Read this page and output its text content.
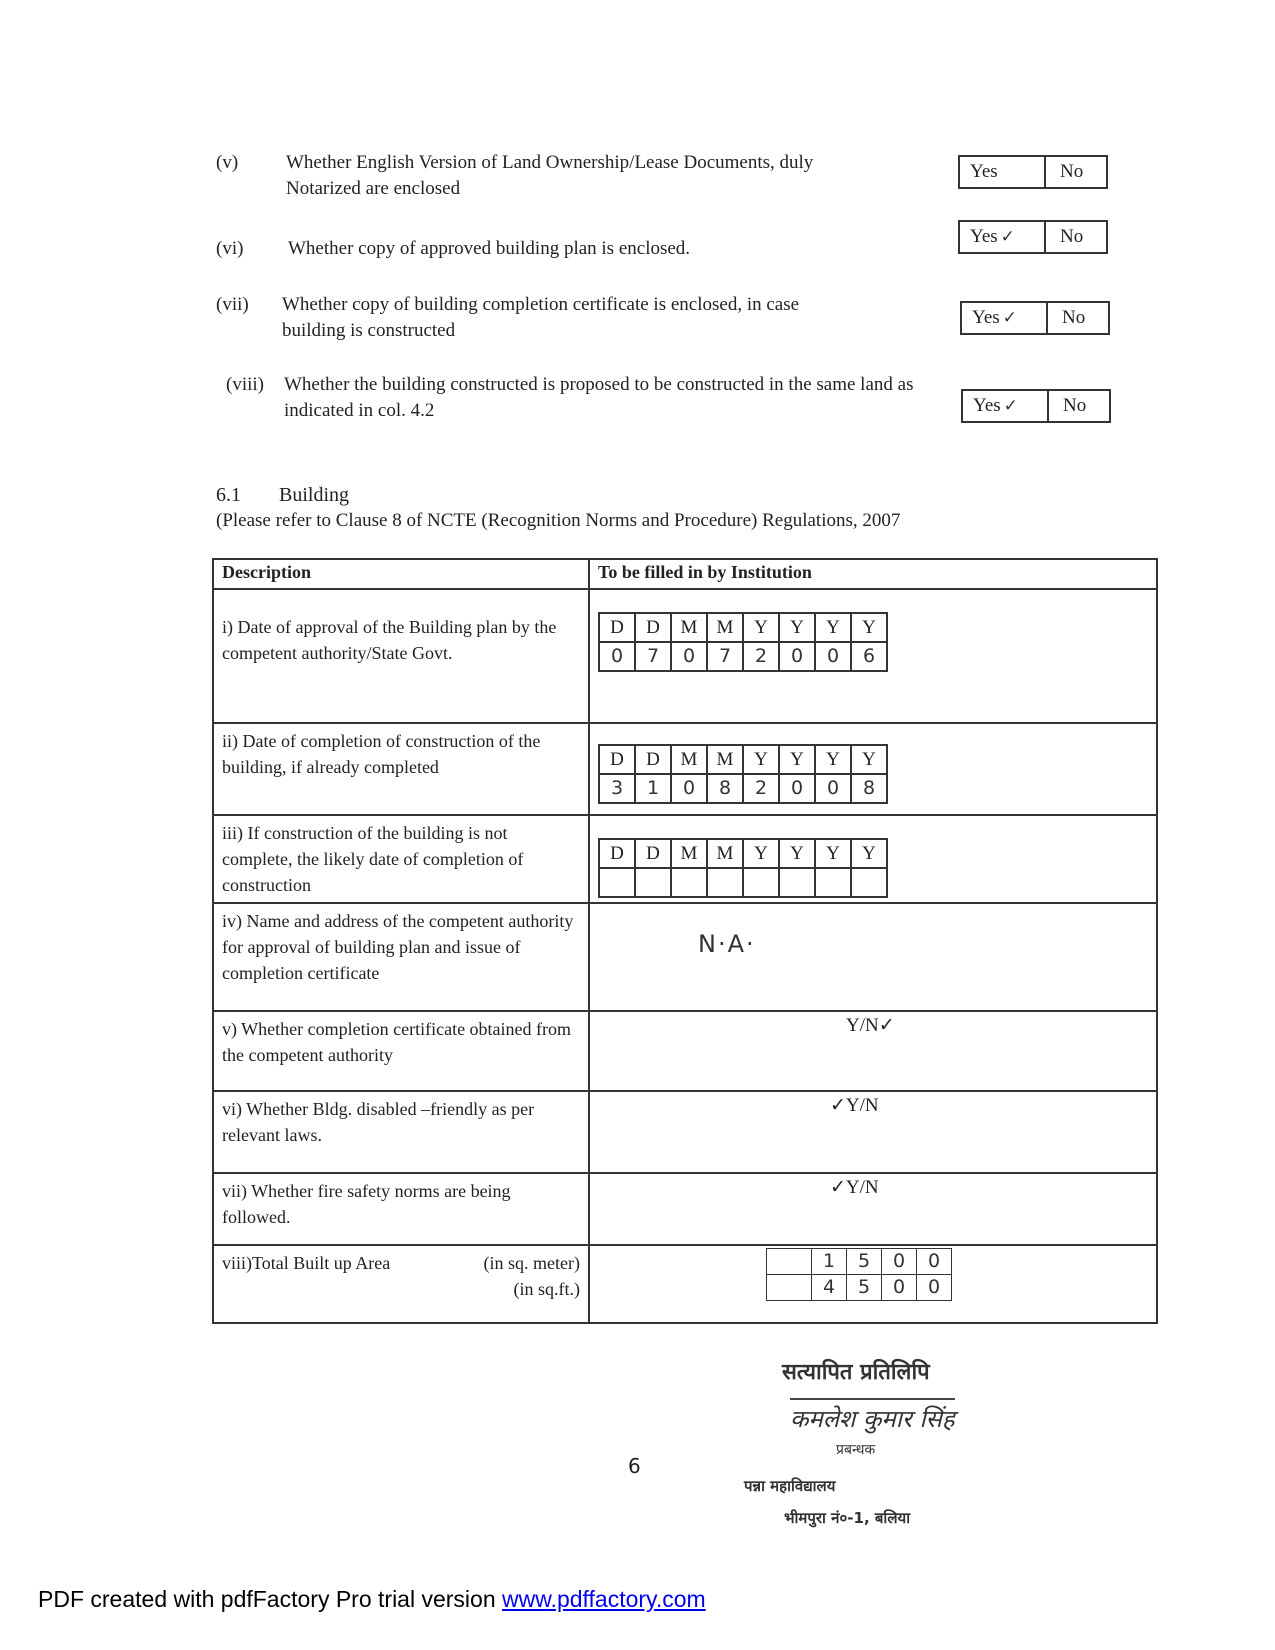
(v)	Whether English Version of Land Ownership/Lease Documents, duly Notarized are enclosed
Yes	No
(vi) Whether copy of approved building plan is enclosed.
Yes ✓	No
(vii) Whether copy of building completion certificate is enclosed, in case building is constructed
Yes ✓	No
(viii) Whether the building constructed is proposed to be constructed in the same land as indicated in col. 4.2	Yes ✓	No
6.1 Building
(Please refer to Clause 8 of NCTE (Recognition Norms and Procedure) Regulations, 2007
Description	To be filled in by Institution

i) Date of approval of the Building plan by the competent authority/State Govt.

D	D	M	M	Y	Y	Y	Y
0	7	0	7	2	0	0	6

ii) Date of completion of construction of the building, if already completed		D	D	M	M	Y	Y	Y	Y
3	1	0	8	2	0	0	8

iii) If construction of the building is not complete, the likely date of completion of construction	
D	D	M	M	Y	Y	Y	Y

iv) Name and address of the competent authority for approval of building plan and issue of completion certificate	
N·A·

v) Whether completion certificate obtained from the competent authority	
Y/N✓

vi) Whether Bldg. disabled –friendly as per relevant laws.	
✓Y/N

vii) Whether fire safety norms are being followed.	
✓Y/N

viii)Total Built up Area	(in sq. meter)
(in sq.ft.)

	1	5	0	0
	4	5	0	0
सत्यापित प्रतिलिपि
कमलेश कुमार सिंह
प्रबन्धक
6
पन्ना महाविद्यालय
भीमपुरा नं०-1, बलिया
PDF created with pdfFactory Pro trial version www.pdffactory.com
